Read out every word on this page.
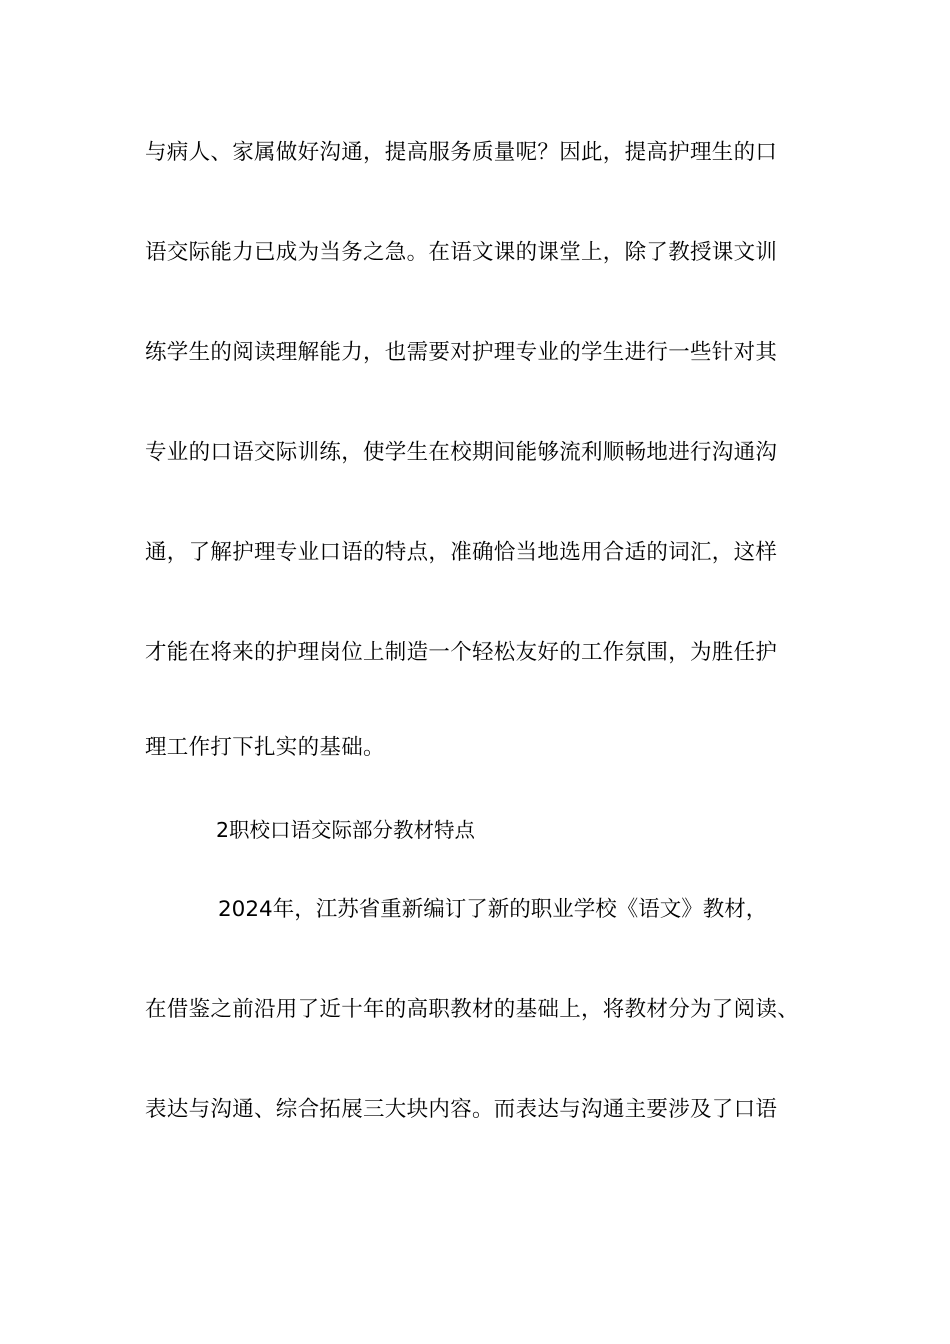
与病人、家属做好沟通，提高服务质量呢？因此，提高护理生的口
语交际能力已成为当务之急。在语文课的课堂上，除了教授课文训
练学生的阅读理解能力，也需要对护理专业的学生进行一些针对其
专业的口语交际训练，使学生在校期间能够流利顺畅地进行沟通沟
通，了解护理专业口语的特点，准确恰当地选用合适的词汇，这样
才能在将来的护理岗位上制造一个轻松友好的工作氛围，为胜任护
理工作打下扎实的基础。
2职校口语交际部分教材特点
2024年，江苏省重新编订了新的职业学校《语文》教材，
在借鉴之前沿用了近十年的高职教材的基础上，将教材分为了阅读、
表达与沟通、综合拓展三大块内容。而表达与沟通主要涉及了口语
